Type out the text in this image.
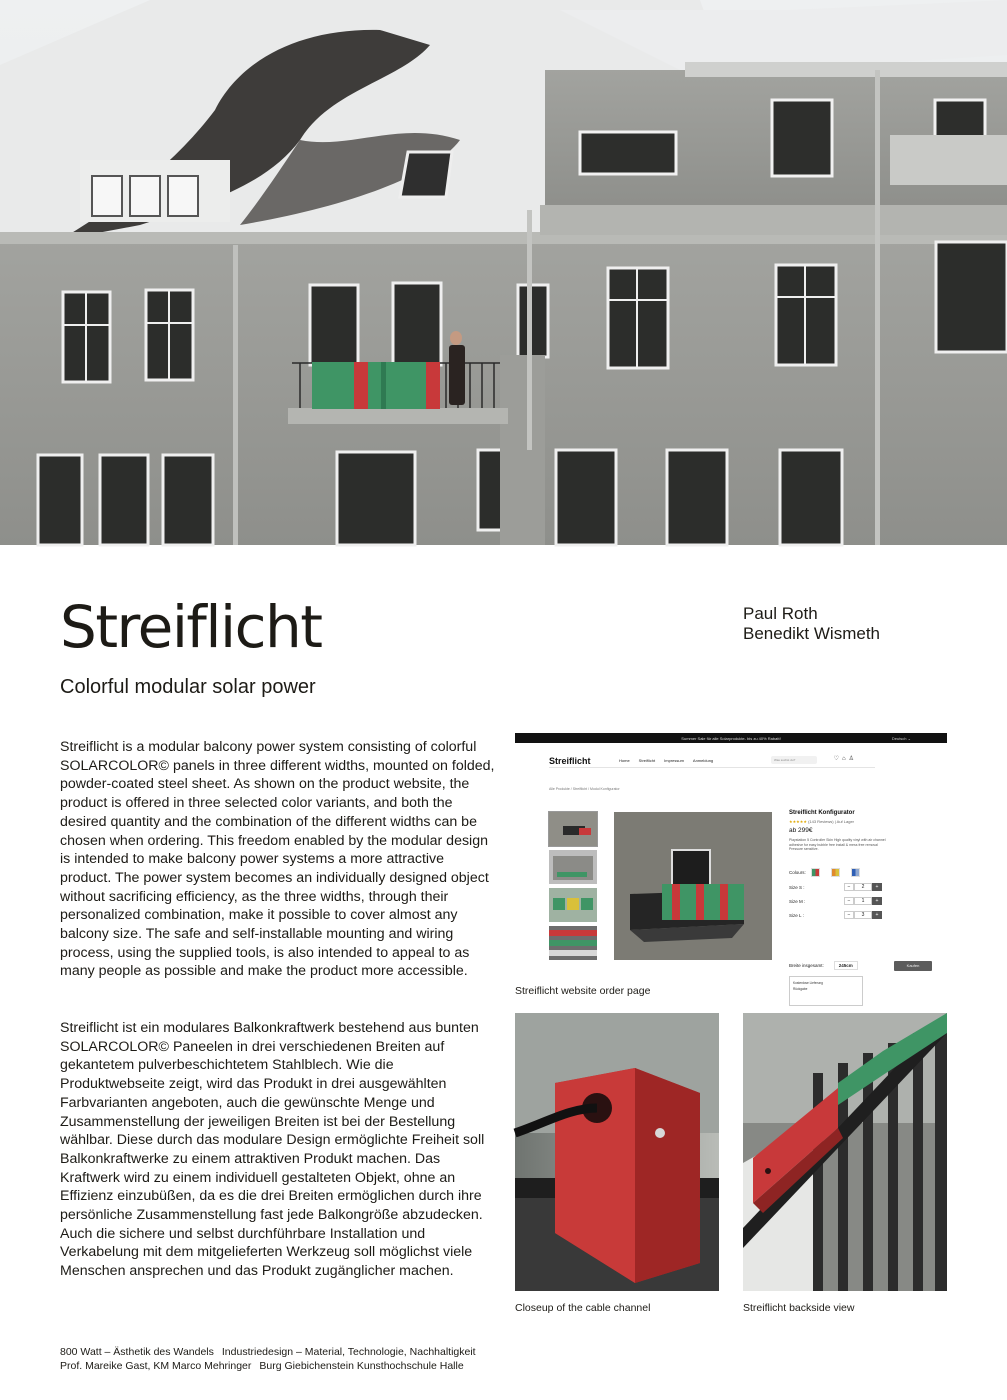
Streiflicht
Colorful modular solar power
Paul Roth
Benedikt Wismeth

Streiflicht is a modular balcony power system consisting of colorful SOLARCOLOR© panels in three different widths, mounted on folded, powder-coated steel sheet. As shown on the product website, the product is offered in three selected color variants, and both the desired quantity and the combination of the different widths can be chosen when ordering. This freedom enabled by the modular design is intended to make balcony power systems a more attractive product. The power system becomes an individually designed object without sacrificing efficiency, as the three widths, through their personalized combination, make it possible to cover almost any balcony size. The safe and self-installable mounting and wiring process, using the supplied tools, is also intended to appeal to as many people as possible and make the product more accessible.

Streiflicht ist ein modulares Balkonkraftwerk bestehend aus bunten SOLARCOLOR© Paneelen in drei verschiedenen Breiten auf gekantetem pulverbeschichtetem Stahlblech. Wie die Produktwebseite zeigt, wird das Produkt in drei ausgewählten Farbvarianten angeboten, auch die gewünschte Menge und Zusammenstellung der jeweiligen Breiten ist bei der Bestellung wählbar. Diese durch das modulare Design ermöglichte Freiheit soll Balkonkraftwerke zu einem attraktiven Produkt machen. Das Kraftwerk wird zu einem individuell gestalteten Objekt, ohne an Effizienz einzubüßen, da es die drei Breiten ermöglichen durch ihre persönliche Zusammenstellung fast jede Balkongröße abzudecken. Auch die sichere und selbst durchführbare Installation und Verkabelung mit dem mitgelieferten Werkzeug soll möglichst viele Menschen ansprechen und das Produkt zugänglicher machen.

Summer Sale für alle Solarprodukte- bis zu 40% Rabatt!	Deutsch ⌄
Streiflicht	Home Streiflicht Impressum Anmeldung	Was suchst du?	♡⌂♙
Alle Produkte / Streiflicht / Modul Konfigurator
Streiflicht Konfigurator
★★★★★ (143 Reviews) | Auf Lager
ab 299€
Playstation 5 Controller Skin High quality vinyl with air channel adhesive for easy bubble free install & mess free removal Pressure sensitive.
Colours:
Size S :	−	2	+
Size M :	−	1	+
Size L :	−	3	+
Breite insgesamt:	245cm	Kaufen
Kostenlose Lieferung
Rückgabe
Streiflicht website order page
Closeup of the cable channel	Streiflicht backside view
800 Watt – Ästhetik des Wandels Industriedesign – Material, Technologie, Nachhaltigkeit
Prof. Mareike Gast, KM Marco Mehringer Burg Giebichenstein Kunsthochschule Halle
